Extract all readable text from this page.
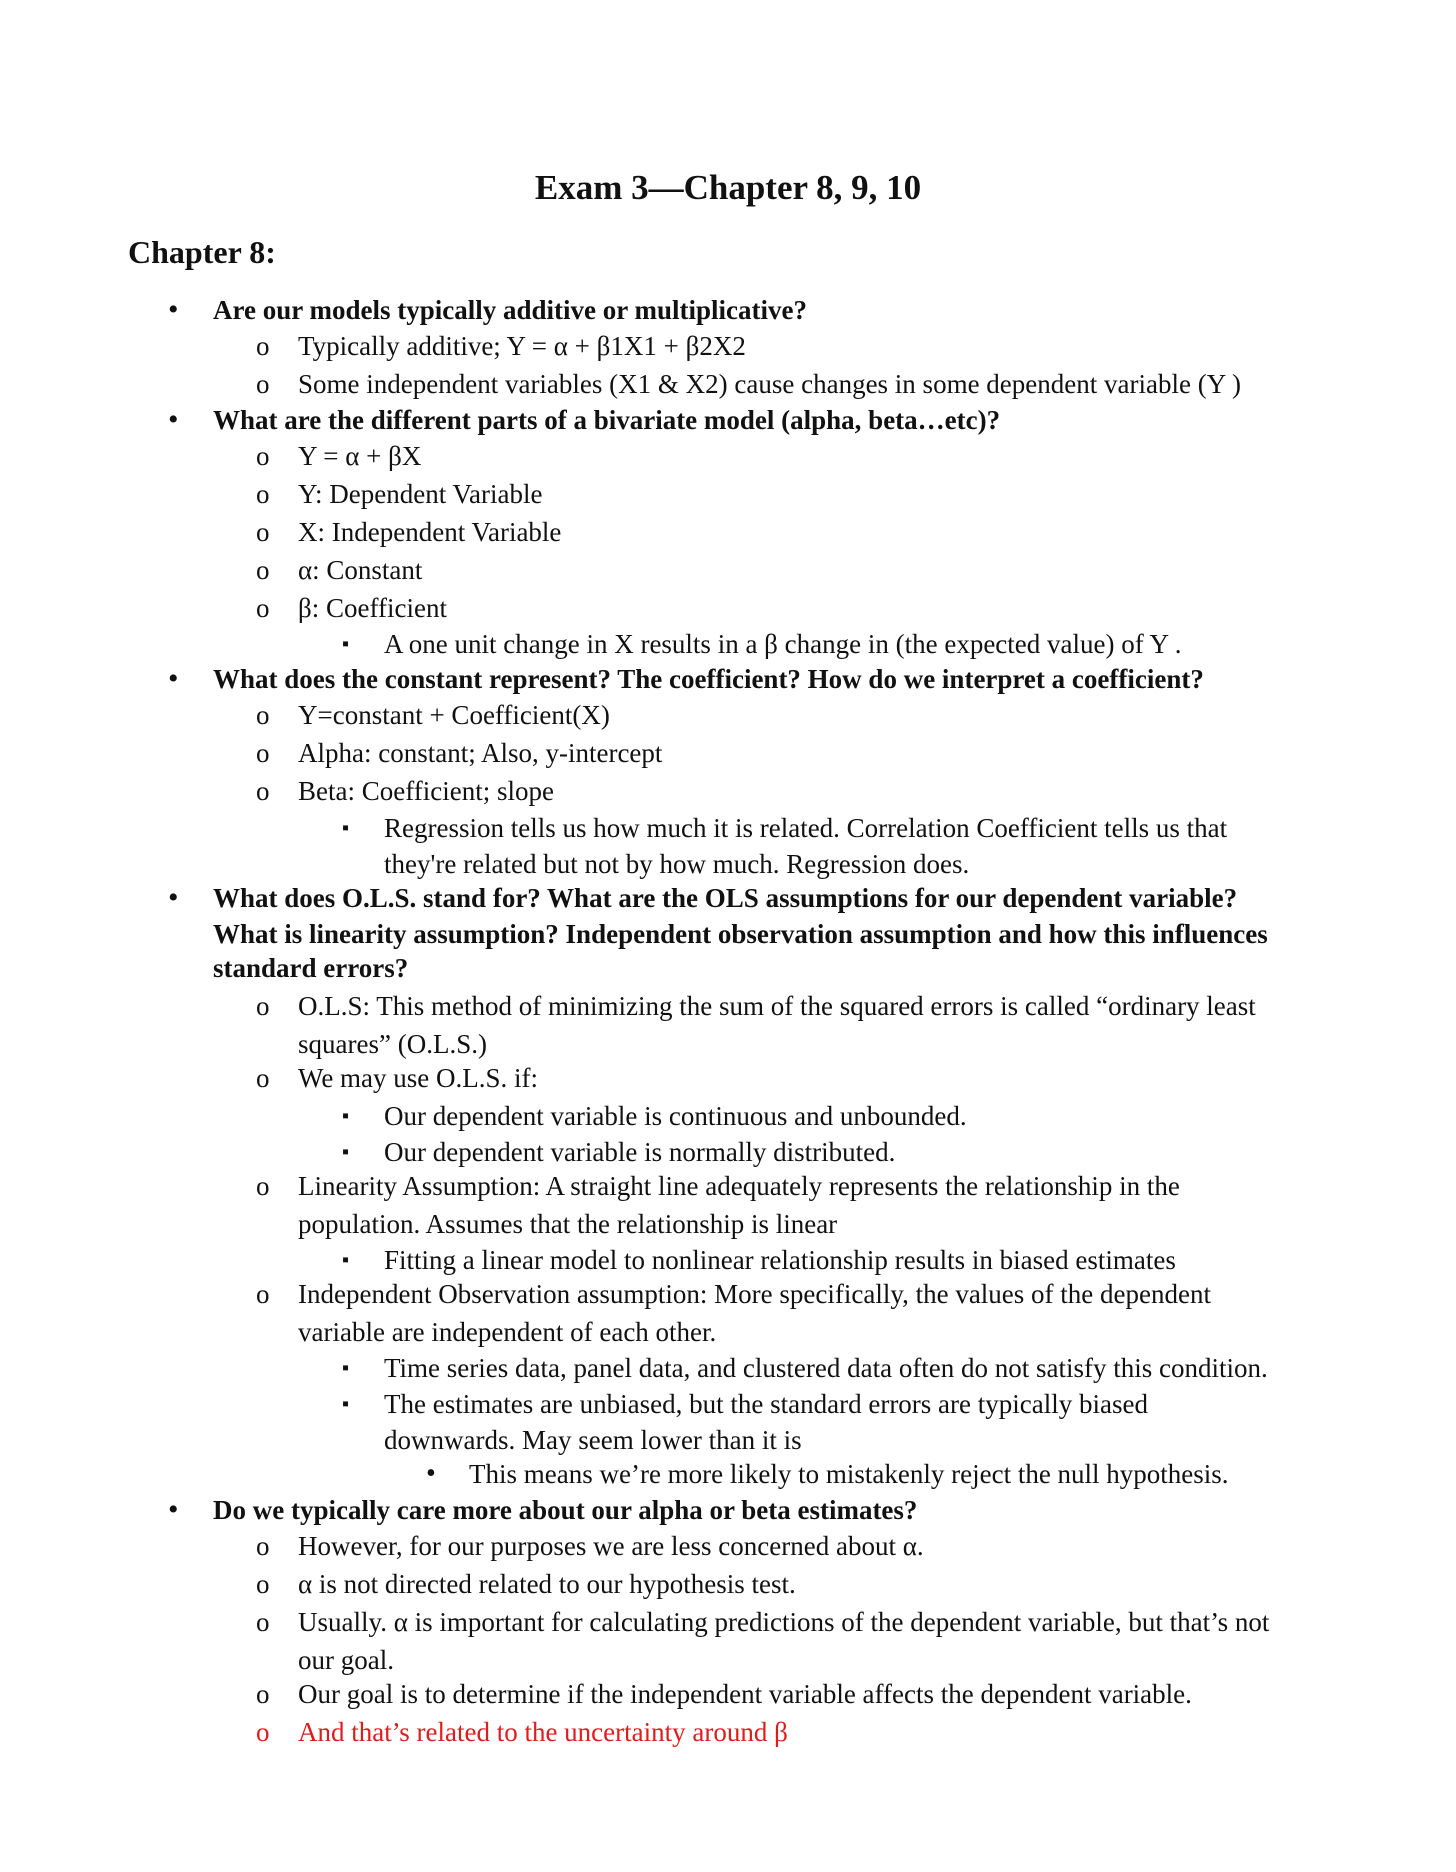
Exam 3—Chapter 8, 9, 10
Chapter 8:
• Are our models typically additive or multiplicative?
o Typically additive; Y = α + β1X1 + β2X2
o Some independent variables (X1 & X2) cause changes in some dependent variable (Y )
• What are the different parts of a bivariate model (alpha, beta…etc)?
o Y = α + βX
o Y: Dependent Variable
o X: Independent Variable
o α: Constant
o β: Coefficient
▪ A one unit change in X results in a β change in (the expected value) of Y .
• What does the constant represent? The coefficient? How do we interpret a coefficient?
o Y=constant + Coefficient(X)
o Alpha: constant; Also, y-intercept
o Beta: Coefficient; slope
▪ Regression tells us how much it is related. Correlation Coefficient tells us that
they're related but not by how much. Regression does.
• What does O.L.S. stand for? What are the OLS assumptions for our dependent variable?
What is linearity assumption? Independent observation assumption and how this influences
standard errors?
o O.L.S: This method of minimizing the sum of the squared errors is called “ordinary least
squares” (O.L.S.)
o We may use O.L.S. if:
▪ Our dependent variable is continuous and unbounded.
▪ Our dependent variable is normally distributed.
o Linearity Assumption: A straight line adequately represents the relationship in the
population. Assumes that the relationship is linear
▪ Fitting a linear model to nonlinear relationship results in biased estimates
o Independent Observation assumption: More specifically, the values of the dependent
variable are independent of each other.
▪ Time series data, panel data, and clustered data often do not satisfy this condition.
▪ The estimates are unbiased, but the standard errors are typically biased
downwards. May seem lower than it is
• This means we’re more likely to mistakenly reject the null hypothesis.
• Do we typically care more about our alpha or beta estimates?
o However, for our purposes we are less concerned about α.
o α is not directed related to our hypothesis test.
o Usually. α is important for calculating predictions of the dependent variable, but that’s not
our goal.
o Our goal is to determine if the independent variable affects the dependent variable.
o And that’s related to the uncertainty around β
